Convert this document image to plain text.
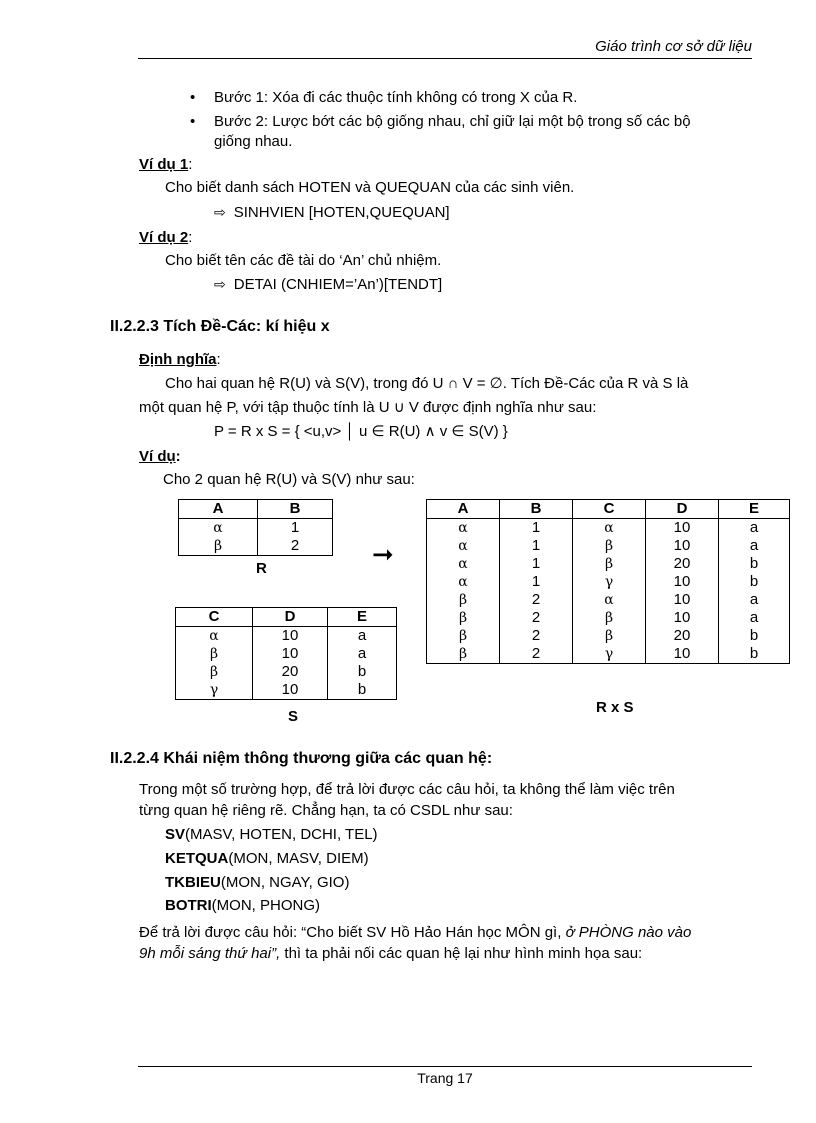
Giáo trình cơ sở dữ liệu
• Bước 1: Xóa đi các thuộc tính không có trong X của R.
• Bước 2: Lược bớt các bộ giống nhau, chỉ giữ lại một bộ trong số các bộ
giống nhau.
Ví dụ 1:
Cho biết danh sách HOTEN và QUEQUAN của các sinh viên.
⇨ SINHVIEN [HOTEN,QUEQUAN]
Ví dụ 2:
Cho biết tên các đề tài do ‘An’ chủ nhiệm.
⇨ DETAI (CNHIEM=’An’)[TENDT]
II.2.2.3 Tích Đề-Các: kí hiệu x
Định nghĩa:
Cho hai quan hệ R(U) và S(V), trong đó U ∩ V = ∅. Tích Đề-Các của R và S là
một quan hệ P, với tập thuộc tính là U ∪ V được định nghĩa như sau:
P = R x S = { <u,v> │ u ∈ R(U) ∧ v ∈ S(V) }
Ví dụ:
Cho 2 quan hệ R(U) và S(V) như sau:
A	B
α	1
β	2
R	➞
C	D	E
α	10	a
β	10	a
β	20	b
γ	10	b
S
A	B	C	D	E
α	1	α	10	a
α	1	β	10	a
α	1	β	20	b
α	1	γ	10	b
β	2	α	10	a
β	2	β	10	a
β	2	β	20	b
β	2	γ	10	b
R x S
II.2.2.4 Khái niệm thông thương giữa các quan hệ:
Trong một số trường hợp, để trả lời được các câu hỏi, ta không thể làm việc trên
từng quan hệ riêng rẽ. Chẳng hạn, ta có CSDL như sau:
SV(MASV, HOTEN, DCHI, TEL)
KETQUA(MON, MASV, DIEM)
TKBIEU(MON, NGAY, GIO)
BOTRI(MON, PHONG)
Để trả lời được câu hỏi: “Cho biết SV Hồ Hảo Hán học MÔN gì, ở PHÒNG nào vào
9h mỗi sáng thứ hai”, thì ta phải nối các quan hệ lại như hình minh họa sau:
Trang 17
